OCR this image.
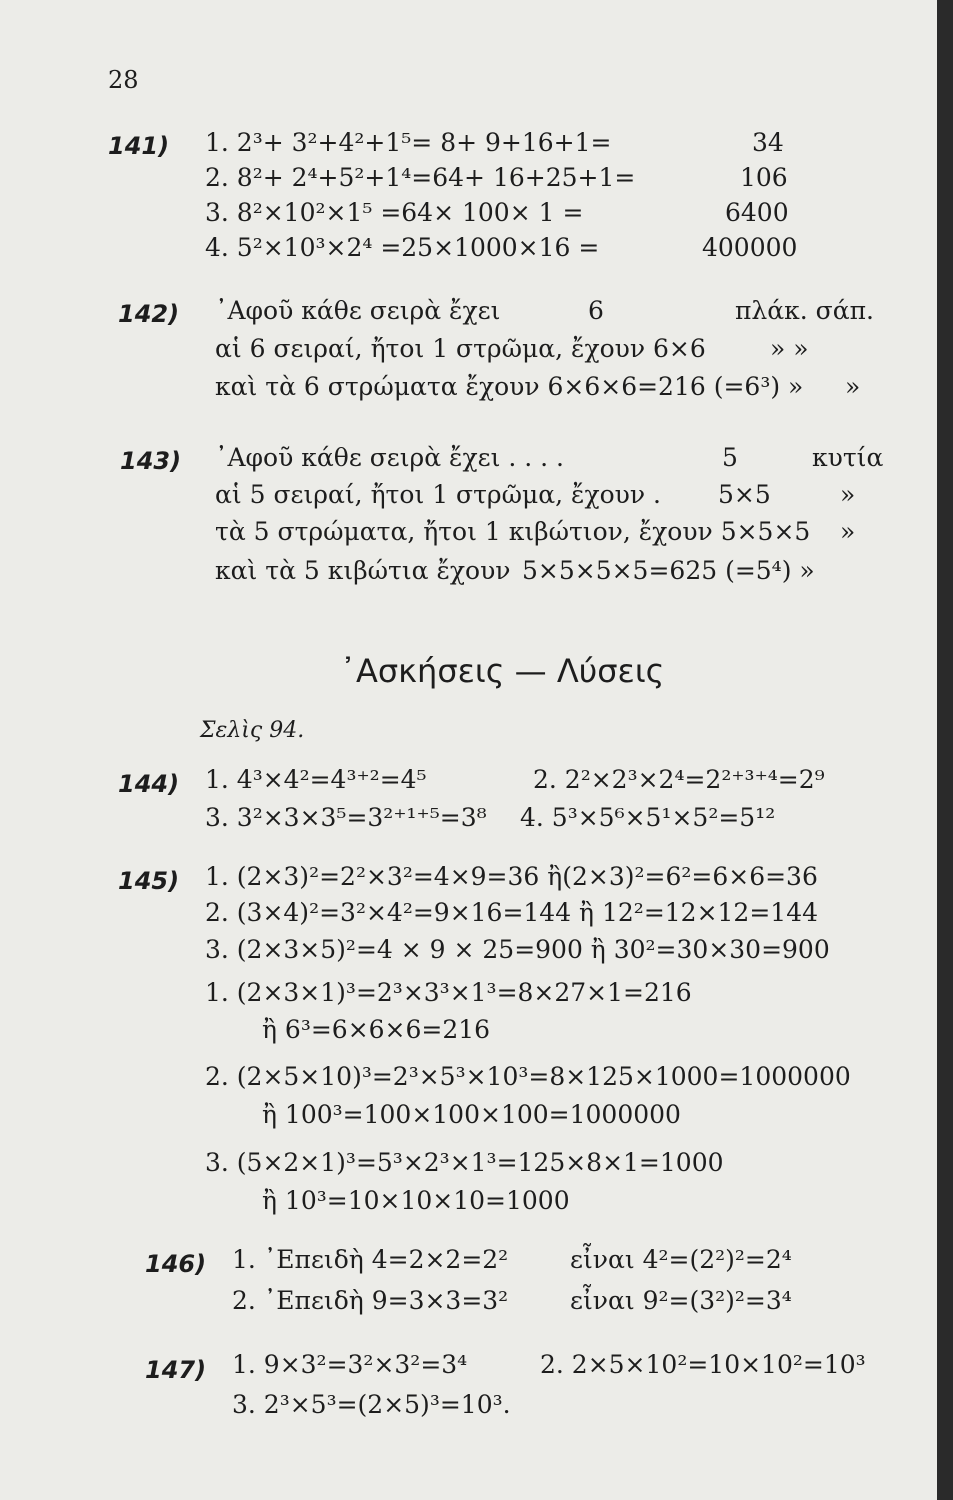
28
141) 1. 2³+ 3²+4²+1⁵= 8+ 9+16+1=	34
2. 8²+ 2⁴+5²+1⁴=64+ 16+25+1=	106
3. 8²×10²×1⁵ =64× 100× 1 =	6400
4. 5²×10³×2⁴ =25×1000×16 =	400000
142) ᾿Αφοῦ κάθε σειρὰ ἔχει	6	πλάκ. σάπ.
αἱ 6 σειραί, ἤτοι 1 στρῶμα, ἔχουν 6×6	» »
καὶ τὰ 6 στρώματα ἔχουν 6×6×6=216 (=6³) » »
143) ᾿Αφοῦ κάθε σειρὰ ἔχει . . . .	5	κυτία
αἱ 5 σειραί, ἤτοι 1 στρῶμα, ἔχουν . 5×5	»
τὰ 5 στρώματα, ἤτοι 1 κιβώτιον, ἔχουν 5×5×5 »
καὶ τὰ 5 κιβώτια ἔχουν 5×5×5×5=625 (=5⁴) »
᾿Ασκήσεις — Λύσεις
Σελὶς 94.
144) 1. 4³×4²=4³⁺²=4⁵	2. 2²×2³×2⁴=2²⁺³⁺⁴=2⁹
3. 3²×3×3⁵=3²⁺¹⁺⁵=3⁸ 4. 5³×5⁶×5¹×5²=5¹²
145) 1. (2×3)²=2²×3²=4×9=36 ἢ(2×3)²=6²=6×6=36
2. (3×4)²=3²×4²=9×16=144 ἢ 12²=12×12=144
3. (2×3×5)²=4 × 9 × 25=900 ἢ 30²=30×30=900
1. (2×3×1)³=2³×3³×1³=8×27×1=216
ἢ 6³=6×6×6=216
2. (2×5×10)³=2³×5³×10³=8×125×1000=1000000
ἢ 100³=100×100×100=1000000
3. (5×2×1)³=5³×2³×1³=125×8×1=1000
ἢ 10³=10×10×10=1000
146) 1. ᾿Επειδὴ 4=2×2=2² εἶναι 4²=(2²)²=2⁴
2. ᾿Επειδὴ 9=3×3=3² εἶναι 9²=(3²)²=3⁴
147) 1. 9×3²=3²×3²=3⁴	2. 2×5×10²=10×10²=10³
3. 2³×5³=(2×5)³=10³.
